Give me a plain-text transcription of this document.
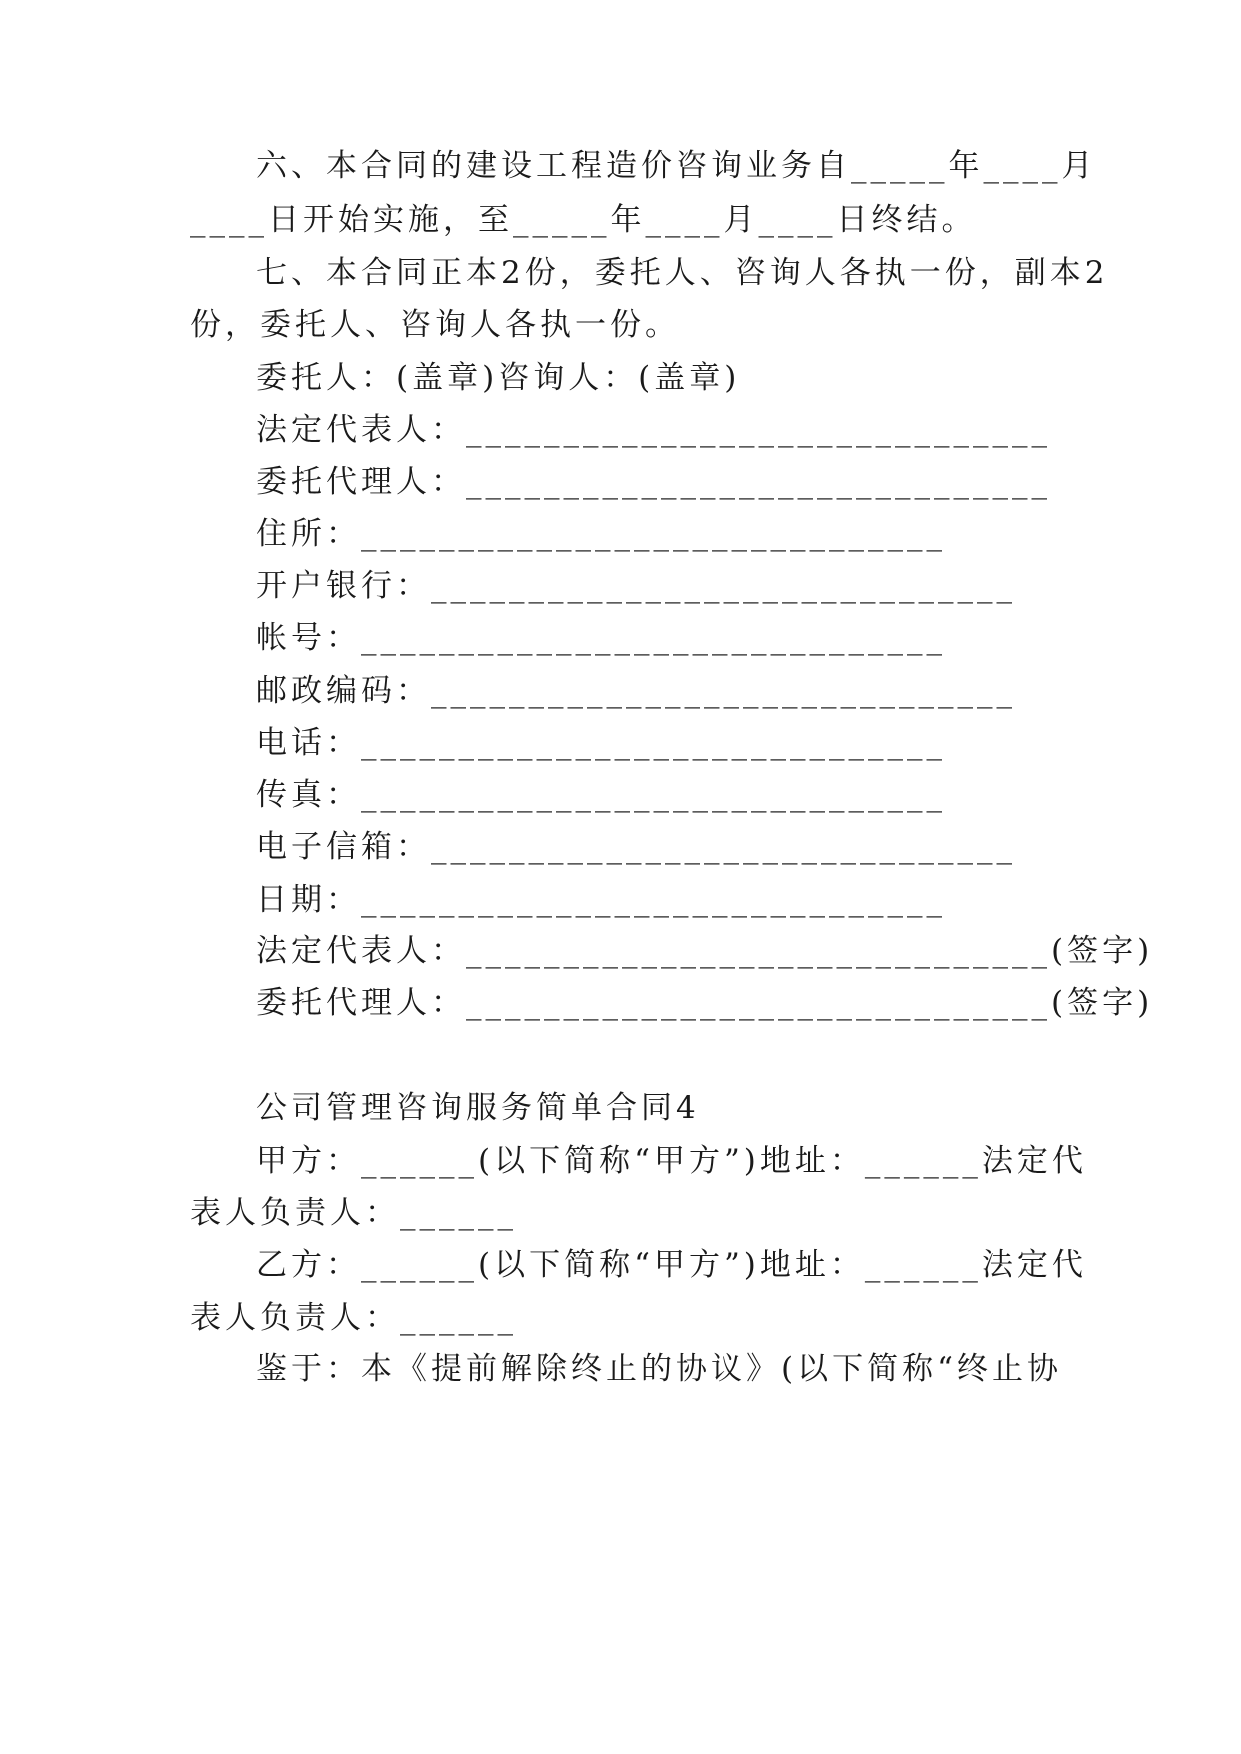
六、本合同的建设工程造价咨询业务自_____年____月
____日开始实施，至_____年____月____日终结。
七、本合同正本2份，委托人、咨询人各执一份，副本2
份，委托人、咨询人各执一份。
委托人：(盖章)咨询人：(盖章)
法定代表人：______________________________
委托代理人：______________________________
住所：______________________________
开户银行：______________________________
帐号：______________________________
邮政编码：______________________________
电话：______________________________
传真：______________________________
电子信箱：______________________________
日期：______________________________
法定代表人：______________________________(签字)
委托代理人：______________________________(签字)
公司管理咨询服务简单合同4
甲方：______(以下简称“甲方”)地址：______法定代
表人负责人：______
乙方：______(以下简称“甲方”)地址：______法定代
表人负责人：______
鉴于：本《提前解除终止的协议》(以下简称“终止协
